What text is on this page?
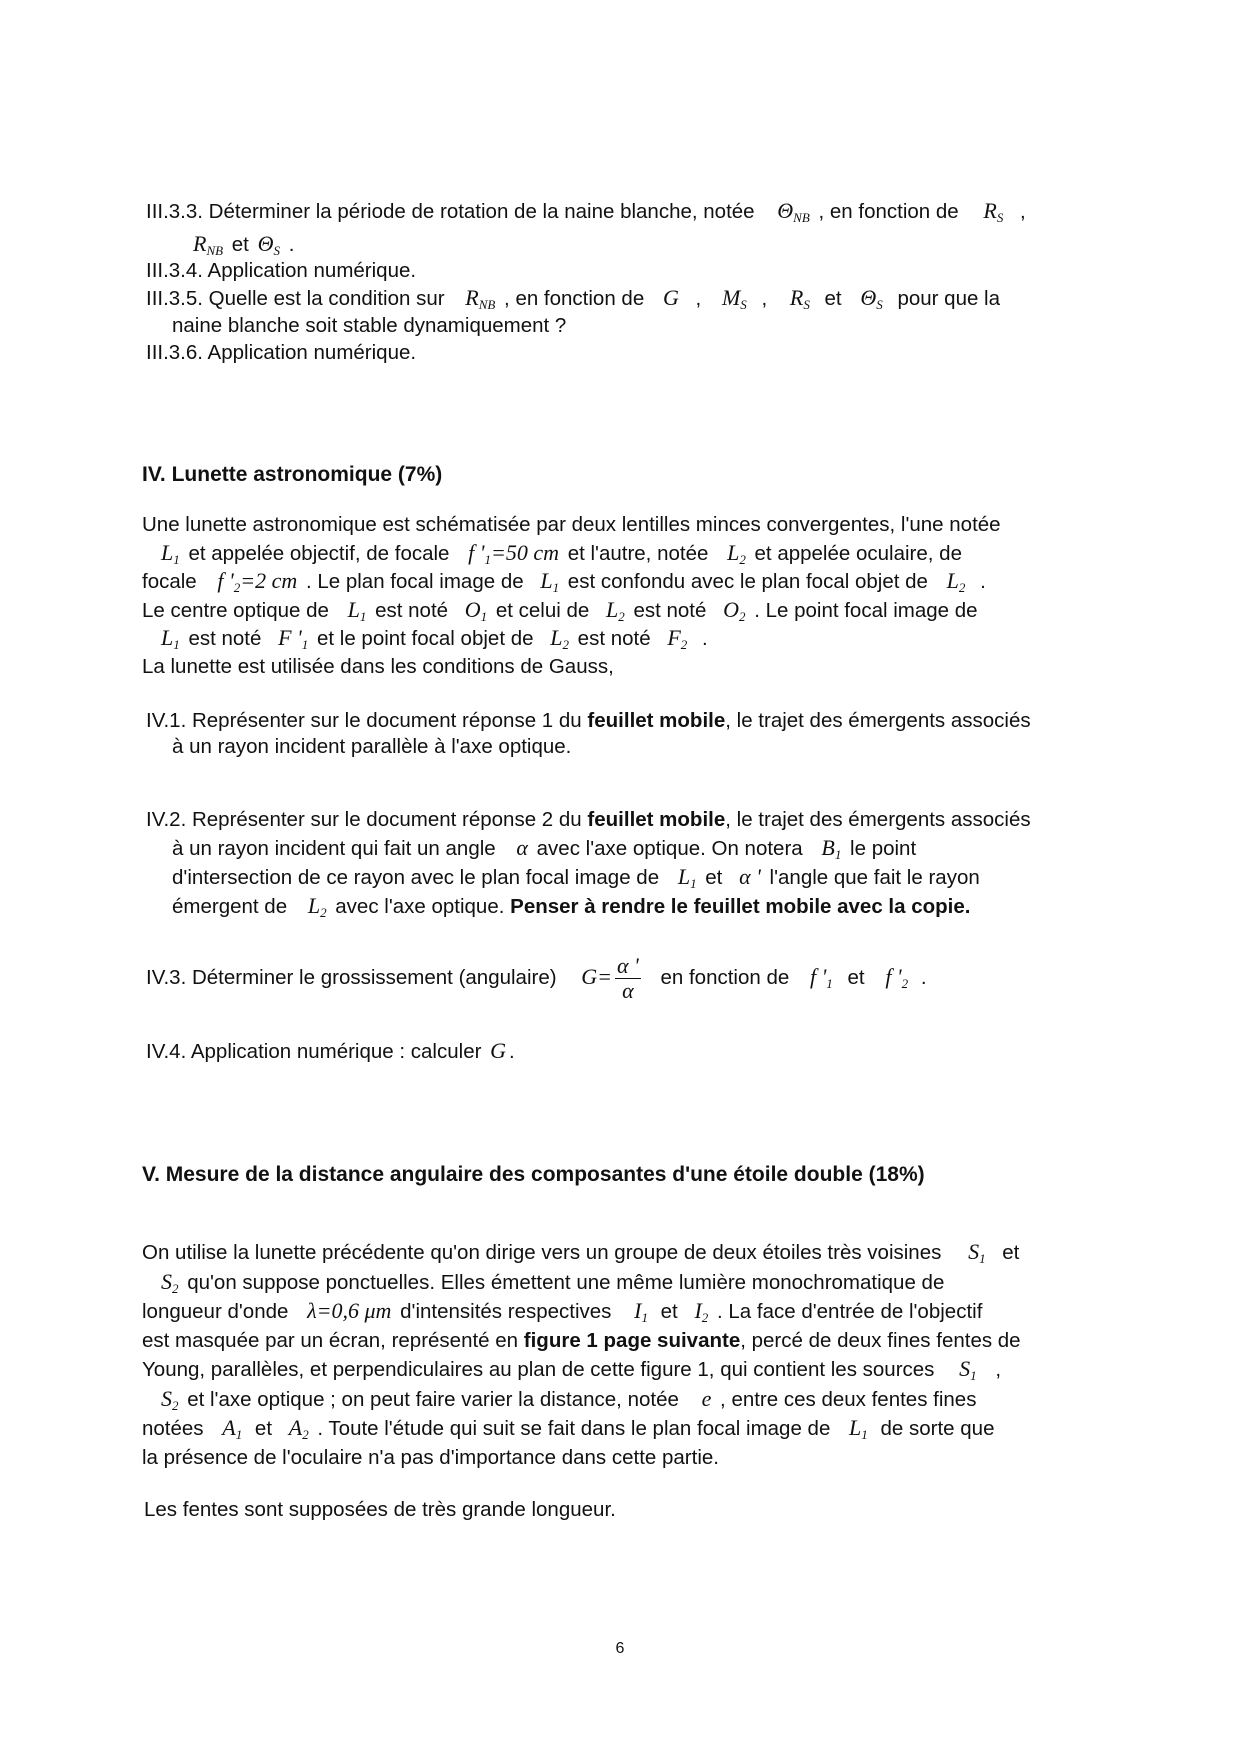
III.3.3. Déterminer la période de rotation de la naine blanche, notée $\Theta_{NB}$ , en fonction de $R_S$ ,
$R_{NB}$ et $\Theta_S$ .
III.3.4. Application numérique.
III.3.5. Quelle est la condition sur $R_{NB}$ , en fonction de G , $M_S$ , $R_S$ et $\Theta_S$ pour que la
naine blanche soit stable dynamiquement ?
III.3.6. Application numérique.
IV. Lunette astronomique (7%)
Une lunette astronomique est schématisée par deux lentilles minces convergentes, l'une notée
$L_1$ et appelée objectif, de focale f '$_1=50$ cm et l'autre, notée $L_2$ et appelée oculaire, de
focale f '$_2=2$ cm . Le plan focal image de $L_1$ est confondu avec le plan focal objet de $L_2$ .
Le centre optique de $L_1$ est noté $O_1$ et celui de $L_2$ est noté $O_2$ . Le point focal image de
$L_1$ est noté F '$_1$ et le point focal objet de $L_2$ est noté $F_2$ .
La lunette est utilisée dans les conditions de Gauss,
IV.1. Représenter sur le document réponse 1 du feuillet mobile, le trajet des émergents associés
à un rayon incident parallèle à l'axe optique.
IV.2. Représenter sur le document réponse 2 du feuillet mobile, le trajet des émergents associés
à un rayon incident qui fait un angle α avec l'axe optique. On notera $B_1$ le point
d'intersection de ce rayon avec le plan focal image de $L_1$ et α ' l'angle que fait le rayon
émergent de $L_2$ avec l'axe optique. Penser à rendre le feuillet mobile avec la copie.
IV.3. Déterminer le grossissement (angulaire) $G= \frac{\alpha '}{\alpha}$ en fonction de f '$_1$ et f '$_2$ .
IV.4. Application numérique : calculer G .
V. Mesure de la distance angulaire des composantes d'une étoile double (18%)
On utilise la lunette précédente qu'on dirige vers un groupe de deux étoiles très voisines $S_1$ et
$S_2$ qu'on suppose ponctuelles. Elles émettent une même lumière monochromatique de
longueur d'onde λ=0,6 μm d'intensités respectives $I_1$ et $I_2$ . La face d'entrée de l'objectif
est masquée par un écran, représenté en figure 1 page suivante, percé de deux fines fentes de
Young, parallèles, et perpendiculaires au plan de cette figure 1, qui contient les sources $S_1$ ,
$S_2$ et l'axe optique ; on peut faire varier la distance, notée e , entre ces deux fentes fines
notées $A_1$ et $A_2$ . Toute l'étude qui suit se fait dans le plan focal image de $L_1$ de sorte que
la présence de l'oculaire n'a pas d'importance dans cette partie.
Les fentes sont supposées de très grande longueur.
6
